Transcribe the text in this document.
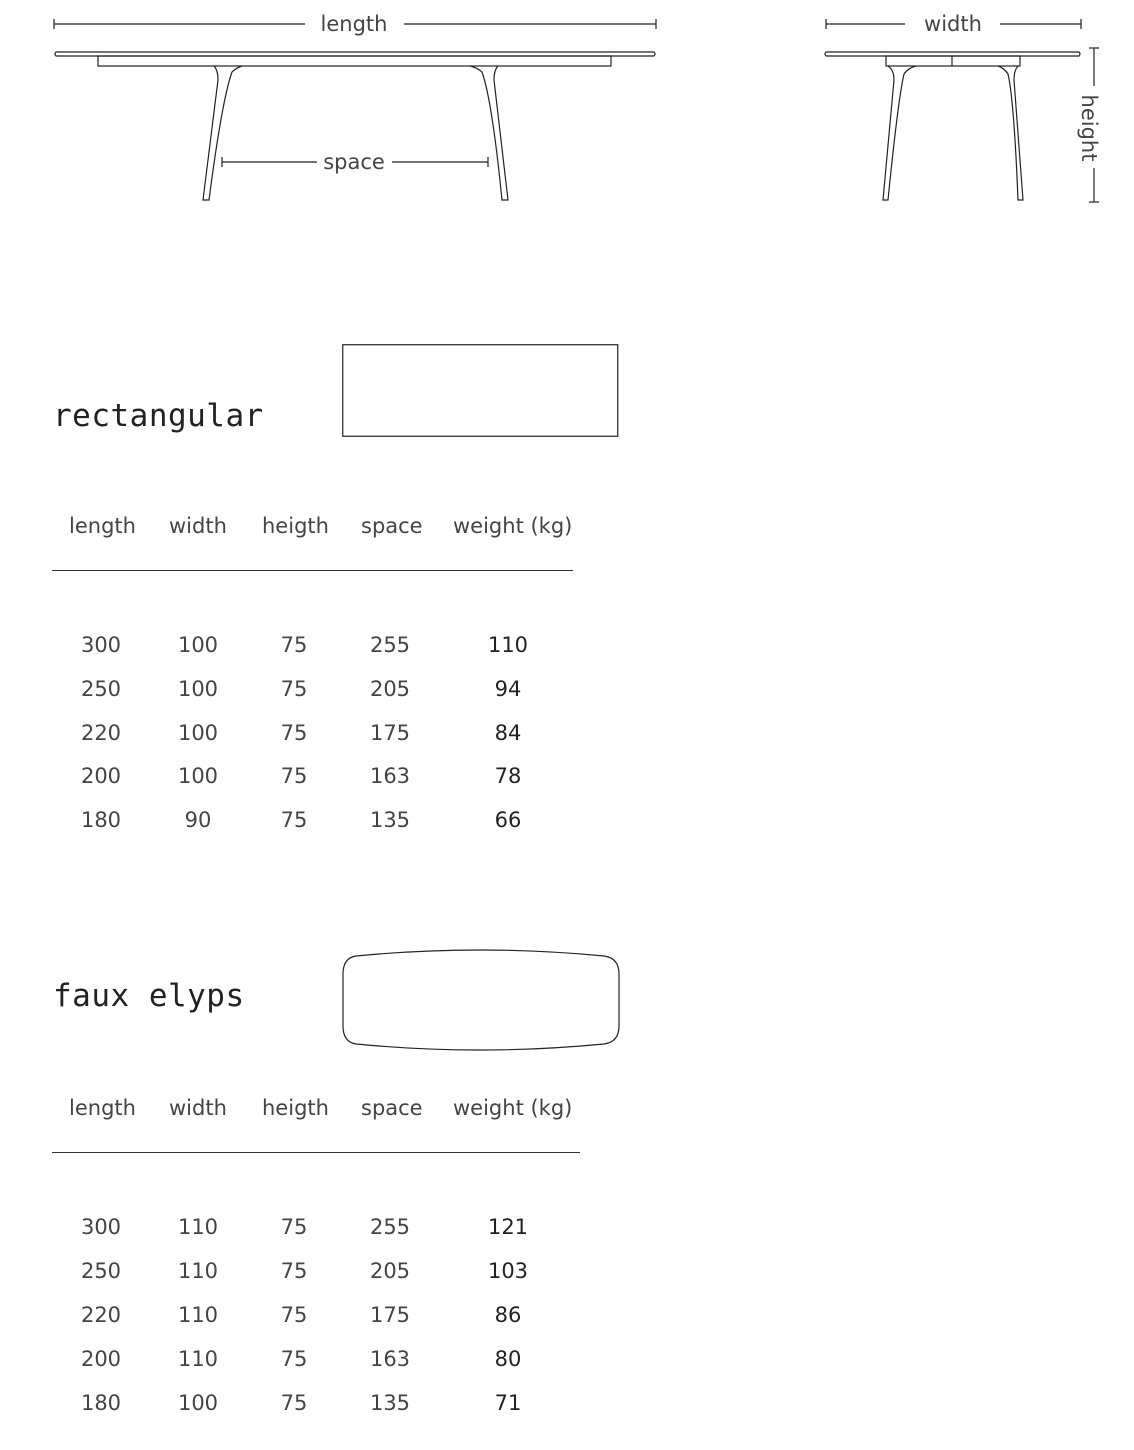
length
space
width
height
rectangular
length width heigth space weight (kg)
300	100	75	255	110
250	100	75	205	94
220	100	75	175	84
200	100	75	163	78
180	90	75	135	66
faux elyps
length width heigth space weight (kg)
300	110	75	255	121
250	110	75	205	103
220	110	75	175	86
200	110	75	163	80
180	100	75	135	71
